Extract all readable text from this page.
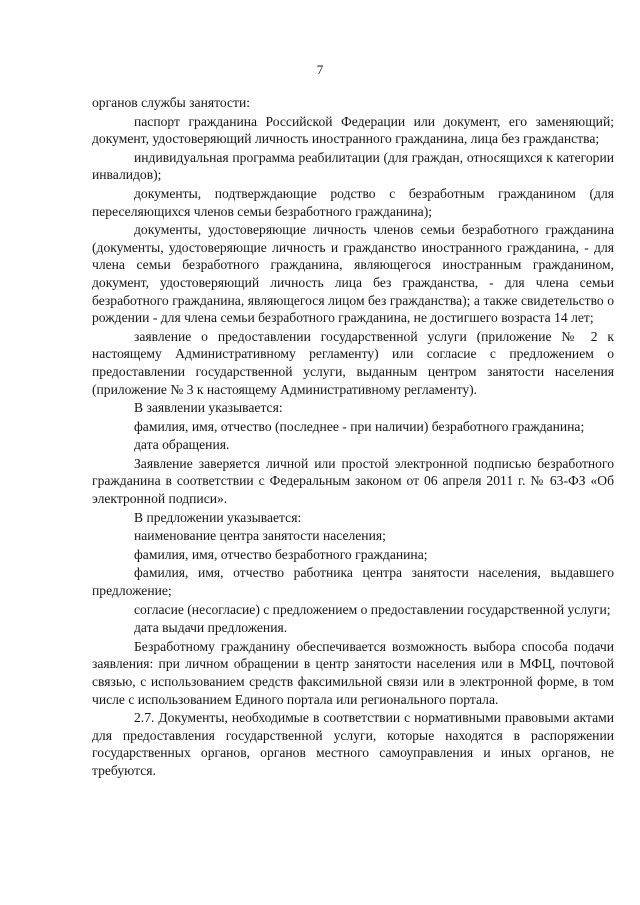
7

органов службы занятости:

паспорт гражданина Российской Федерации или документ, его заменяющий; документ, удостоверяющий личность иностранного гражданина, лица без гражданства;

индивидуальная программа реабилитации (для граждан, относящихся к категории инвалидов);

документы, подтверждающие родство с безработным гражданином (для переселяющихся членов семьи безработного гражданина);

документы, удостоверяющие личность членов семьи безработного гражданина (документы, удостоверяющие личность и гражданство иностранного гражданина, - для члена семьи безработного гражданина, являющегося иностранным гражданином, документ, удостоверяющий личность лица без гражданства, - для члена семьи безработного гражданина, являющегося лицом без гражданства); а также свидетельство о рождении - для члена семьи безработного гражданина, не достигшего возраста 14 лет;

заявление о предоставлении государственной услуги (приложение № 2 к настоящему Административному регламенту) или согласие с предложением о предоставлении государственной услуги, выданным центром занятости населения (приложение № 3 к настоящему Административному регламенту).

В заявлении указывается:

фамилия, имя, отчество (последнее - при наличии) безработного гражданина;

дата обращения.

Заявление заверяется личной или простой электронной подписью безработного гражданина в соответствии с Федеральным законом от 06 апреля 2011 г. № 63-ФЗ «Об электронной подписи».

В предложении указывается:

наименование центра занятости населения;

фамилия, имя, отчество безработного гражданина;

фамилия, имя, отчество работника центра занятости населения, выдавшего предложение;

согласие (несогласие) с предложением о предоставлении государственной услуги;

дата выдачи предложения.

Безработному гражданину обеспечивается возможность выбора способа подачи заявления: при личном обращении в центр занятости населения или в МФЦ, почтовой связью, с использованием средств факсимильной связи или в электронной форме, в том числе с использованием Единого портала или регионального портала.

2.7. Документы, необходимые в соответствии с нормативными правовыми актами для предоставления государственной услуги, которые находятся в распоряжении государственных органов, органов местного самоуправления и иных органов, не требуются.
